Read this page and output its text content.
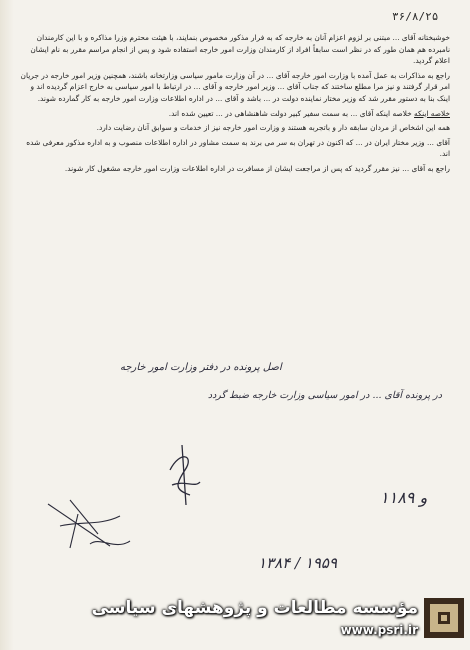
۳۶/۸/۲۵

خوشبختانه آقای ... مبتنی بر لزوم اعزام آنان به خارجه که به فرار مذکور مخصوص بنمایند، با هیئت محترم وزرا مذاکره و با این کارمندان نامبرده هم همان طور که در نظر است سابقاً افراد از کارمندان وزارت امور خارجه استفاده شود و پس از انجام مراسم مقرر به نام ایشان اعلام گردید.

راجع به مذاکرات به عمل آمده با وزارت امور خارجه آقای ... در آن وزارت مامور سیاسی وزارتخانه باشند، همچنین وزیر امور خارجه در جریان امر قرار گرفتند و نیز مرا مطلع ساختند که جناب آقای ... وزیر امور خارجه و آقای ... در ارتباط با امور سیاسی به خارج اعزام گردیده اند و اینک بنا به دستور مقرر شد که وزیر مختار نماینده دولت در ... باشد و آقای ... در اداره اطلاعات وزارت امور خارجه به کار گمارده شوند.

خلاصه اینکه خلاصه اینکه آقای ... به سمت سفیر کبیر دولت شاهنشاهی در ... تعیین شده اند.

همه این اشخاص از مردان سابقه دار و باتجربه هستند و وزارت امور خارجه نیز از خدمات و سوابق آنان رضایت دارد.

آقای ... وزیر مختار ایران در ... که اکنون در تهران به سر می برند به سمت مشاور در اداره اطلاعات منصوب و به اداره مذکور معرفی شده اند.

راجع به آقای ... نیز مقرر گردید که پس از مراجعت ایشان از مسافرت در اداره اطلاعات وزارت امور خارجه مشغول کار شوند.

اصل پرونده در دفتر وزارت امور خارجه
در پرونده آقای ... در امور سیاسی وزارت خارجه ضبط گردد
۱۱۸۹ و
۱۳۸۴ / ۱۹۵۹
مؤسسه مطالعات و پژوهشهای سیاسی
www.psri.ir
